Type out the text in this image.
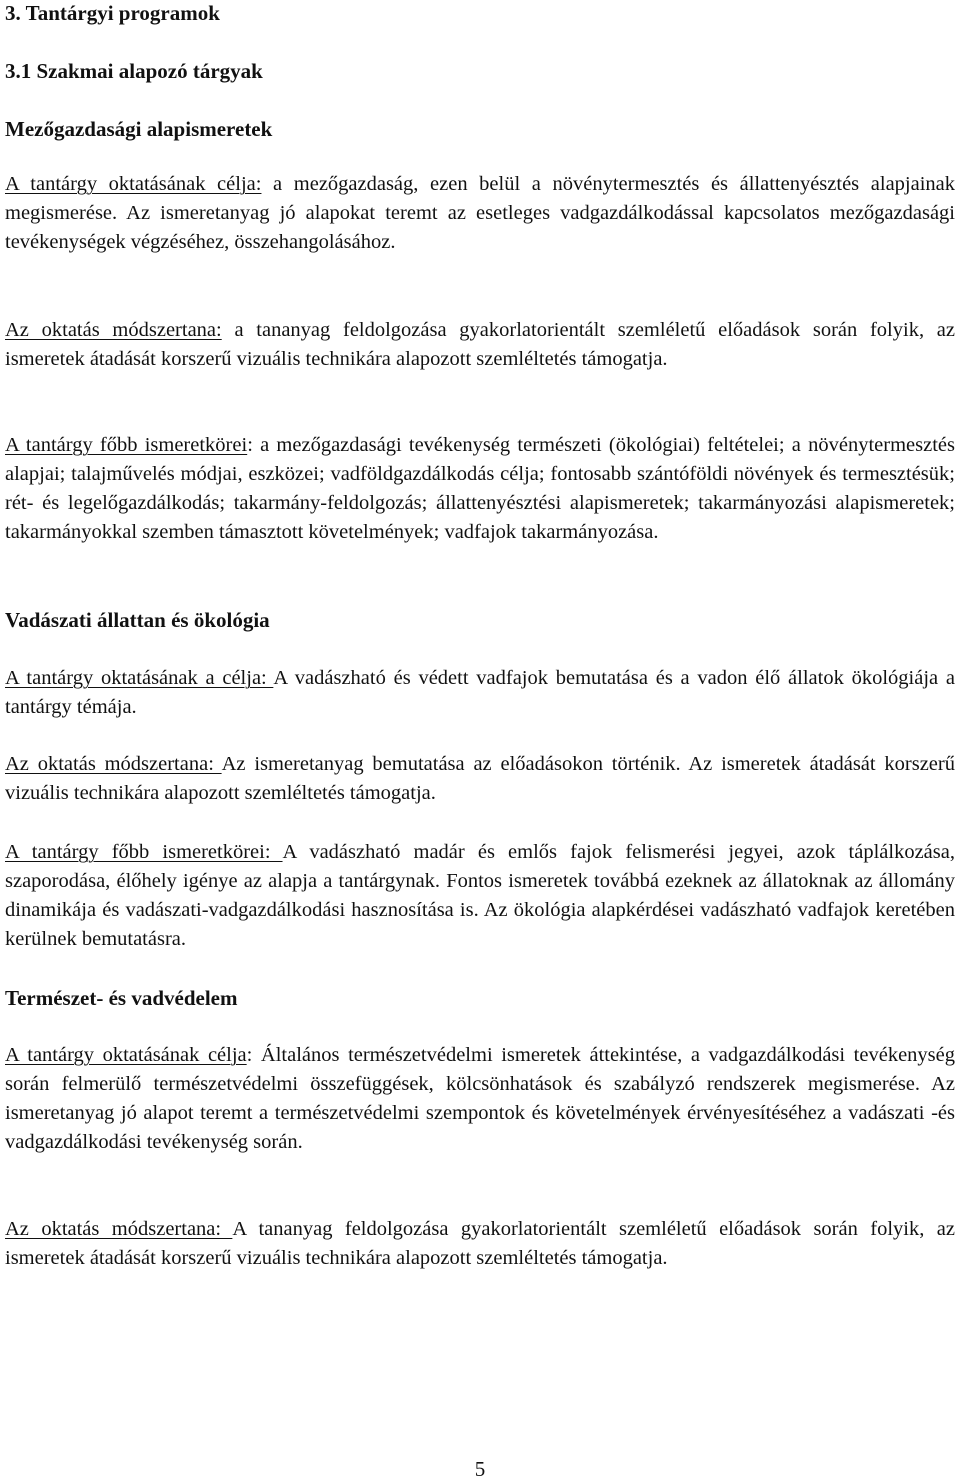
3. Tantárgyi programok
3.1 Szakmai alapozó tárgyak
Mezőgazdasági alapismeretek

A tantárgy oktatásának célja: a mezőgazdaság, ezen belül a növénytermesztés és állattenyésztés alapjainak megismerése. Az ismeretanyag jó alapokat teremt az esetleges vadgazdálkodással kapcsolatos mezőgazdasági tevékenységek végzéséhez, összehangolásához.

Az oktatás módszertana: a tananyag feldolgozása gyakorlatorientált szemléletű előadások során folyik, az ismeretek átadását korszerű vizuális technikára alapozott szemléltetés támogatja.

A tantárgy főbb ismeretkörei: a mezőgazdasági tevékenység természeti (ökológiai) feltételei; a növénytermesztés alapjai; talajművelés módjai, eszközei; vadföldgazdálkodás célja; fontosabb szántóföldi növények és termesztésük; rét- és legelőgazdálkodás; takarmány-feldolgozás; állattenyésztési alapismeretek; takarmányozási alapismeretek; takarmányokkal szemben támasztott követelmények; vadfajok takarmányozása.

Vadászati állattan és ökológia

A tantárgy oktatásának a célja: A vadászható és védett vadfajok bemutatása és a vadon élő állatok ökológiája a tantárgy témája.

Az oktatás módszertana: Az ismeretanyag bemutatása az előadásokon történik. Az ismeretek átadását korszerű vizuális technikára alapozott szemléltetés támogatja.

A tantárgy főbb ismeretkörei: A vadászható madár és emlős fajok felismerési jegyei, azok táplálkozása, szaporodása, élőhely igénye az alapja a tantárgynak. Fontos ismeretek továbbá ezeknek az állatoknak az állomány dinamikája és vadászati-vadgazdálkodási hasznosítása is. Az ökológia alapkérdései vadászható vadfajok keretében kerülnek bemutatásra.

Természet- és vadvédelem

A tantárgy oktatásának célja: Általános természetvédelmi ismeretek áttekintése, a vadgazdálkodási tevékenység során felmerülő természetvédelmi összefüggések, kölcsönhatások és szabályzó rendszerek megismerése. Az ismeretanyag jó alapot teremt a természetvédelmi szempontok és követelmények érvényesítéséhez a vadászati -és vadgazdálkodási tevékenység során.

Az oktatás módszertana: A tananyag feldolgozása gyakorlatorientált szemléletű előadások során folyik, az ismeretek átadását korszerű vizuális technikára alapozott szemléltetés támogatja.

5
